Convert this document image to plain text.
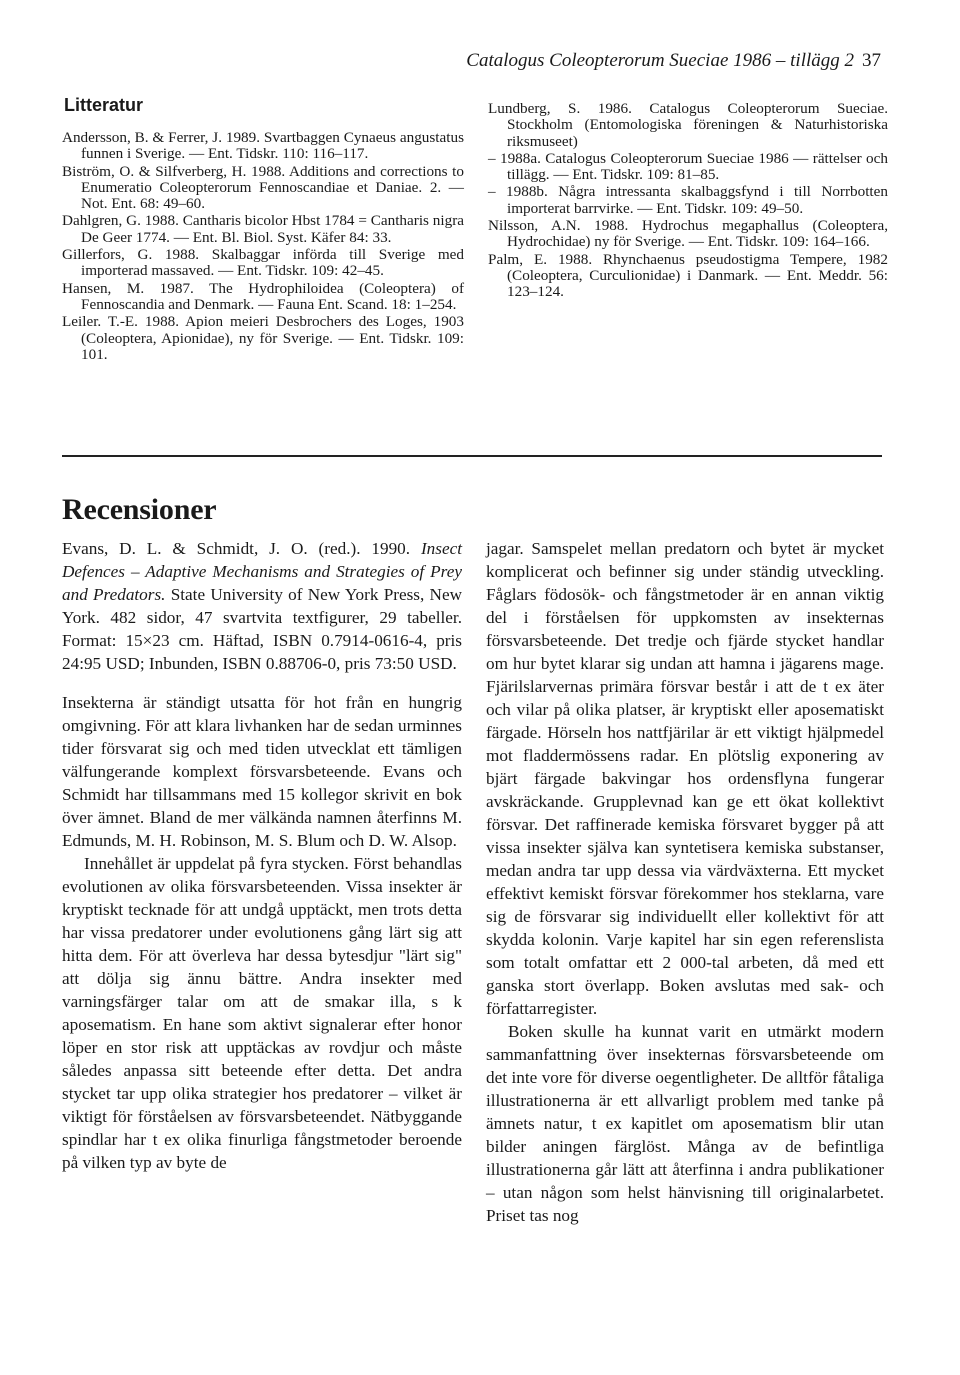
Catalogus Coleopterorum Sueciae 1986 – tillägg 2 37
Litteratur

Andersson, B. & Ferrer, J. 1989. Svartbaggen Cynaeus angustatus funnen i Sverige. — Ent. Tidskr. 110: 116–117.

Biström, O. & Silfverberg, H. 1988. Additions and corrections to Enumeratio Coleopterorum Fennoscandiae et Daniae. 2. — Not. Ent. 68: 49–60.

Dahlgren, G. 1988. Cantharis bicolor Hbst 1784 = Cantharis nigra De Geer 1774. — Ent. Bl. Biol. Syst. Käfer 84: 33.

Gillerfors, G. 1988. Skalbaggar införda till Sverige med importerad massaved. — Ent. Tidskr. 109: 42–45.

Hansen, M. 1987. The Hydrophiloidea (Coleoptera) of Fennoscandia and Denmark. — Fauna Ent. Scand. 18: 1–254.

Leiler. T.-E. 1988. Apion meieri Desbrochers des Loges, 1903 (Coleoptera, Apionidae), ny för Sverige. — Ent. Tidskr. 109: 101.

Lundberg, S. 1986. Catalogus Coleopterorum Sueciae. Stockholm (Entomologiska föreningen & Naturhistoriska riksmuseet)

– 1988a. Catalogus Coleopterorum Sueciae 1986 — rättelser och tillägg. — Ent. Tidskr. 109: 81–85.

– 1988b. Några intressanta skalbaggsfynd i till Norrbotten importerat barrvirke. — Ent. Tidskr. 109: 49–50.

Nilsson, A.N. 1988. Hydrochus megaphallus (Coleoptera, Hydrochidae) ny för Sverige. — Ent. Tidskr. 109: 164–166.

Palm, E. 1988. Rhynchaenus pseudostigma Tempere, 1982 (Coleoptera, Curculionidae) i Danmark. — Ent. Meddr. 56: 123–124.

Recensioner

Evans, D. L. & Schmidt, J. O. (red.). 1990. Insect Defences – Adaptive Mechanisms and Strategies of Prey and Predators. State University of New York Press, New York. 482 sidor, 47 svartvita textfigurer, 29 tabeller. Format: 15×23 cm. Häftad, ISBN 0.7914-0616-4, pris 24:95 USD; Inbunden, ISBN 0.88706-0, pris 73:50 USD.

Insekterna är ständigt utsatta för hot från en hungrig omgivning. För att klara livhanken har de sedan urminnes tider försvarat sig och med tiden utvecklat ett tämligen välfungerande komplext försvarsbeteende. Evans och Schmidt har tillsammans med 15 kollegor skrivit en bok över ämnet. Bland de mer välkända namnen återfinns M. Edmunds, M. H. Robinson, M. S. Blum och D. W. Alsop.

Innehållet är uppdelat på fyra stycken. Först behandlas evolutionen av olika försvarsbeteenden. Vissa insekter är kryptiskt tecknade för att undgå upptäckt, men trots detta har vissa predatorer under evolutionens gång lärt sig att hitta dem. För att överleva har dessa bytesdjur "lärt sig" att dölja sig ännu bättre. Andra insekter med varningsfärger talar om att de smakar illa, s k aposematism. En hane som aktivt signalerar efter honor löper en stor risk att upptäckas av rovdjur och måste således anpassa sitt beteende efter detta. Det andra stycket tar upp olika strategier hos predatorer – vilket är viktigt för förståelsen av försvarsbeteendet. Nätbyggande spindlar har t ex olika finurliga fångstmetoder beroende på vilken typ av byte de

jagar. Samspelet mellan predatorn och bytet är mycket komplicerat och befinner sig under ständig utveckling. Fåglars födosök- och fångstmetoder är en annan viktig del i förståelsen för uppkomsten av insekternas försvarsbeteende. Det tredje och fjärde stycket handlar om hur bytet klarar sig undan att hamna i jägarens mage. Fjärilslarvernas primära försvar består i att de t ex äter och vilar på olika platser, är kryptiskt eller aposematiskt färgade. Hörseln hos nattfjärilar är ett viktigt hjälpmedel mot fladdermössens radar. En plötslig exponering av bjärt färgade bakvingar hos ordensflyna fungerar avskräckande. Grupplevnad kan ge ett ökat kollektivt försvar. Det raffinerade kemiska försvaret bygger på att vissa insekter själva kan syntetisera kemiska substanser, medan andra tar upp dessa via värdväxterna. Ett mycket effektivt kemiskt försvar förekommer hos steklarna, vare sig de försvarar sig individuellt eller kollektivt för att skydda kolonin. Varje kapitel har sin egen referenslista som totalt omfattar ett 2 000-tal arbeten, då med ett ganska stort överlapp. Boken avslutas med sak- och författarregister.

Boken skulle ha kunnat varit en utmärkt modern sammanfattning över insekternas försvarsbeteende om det inte vore för diverse oegentligheter. De alltför fåtaliga illustrationerna är ett allvarligt problem med tanke på ämnets natur, t ex kapitlet om aposematism blir utan bilder aningen färglöst. Många av de befintliga illustrationerna går lätt att återfinna i andra publikationer – utan någon som helst hänvisning till originalarbetet. Priset tas nog
